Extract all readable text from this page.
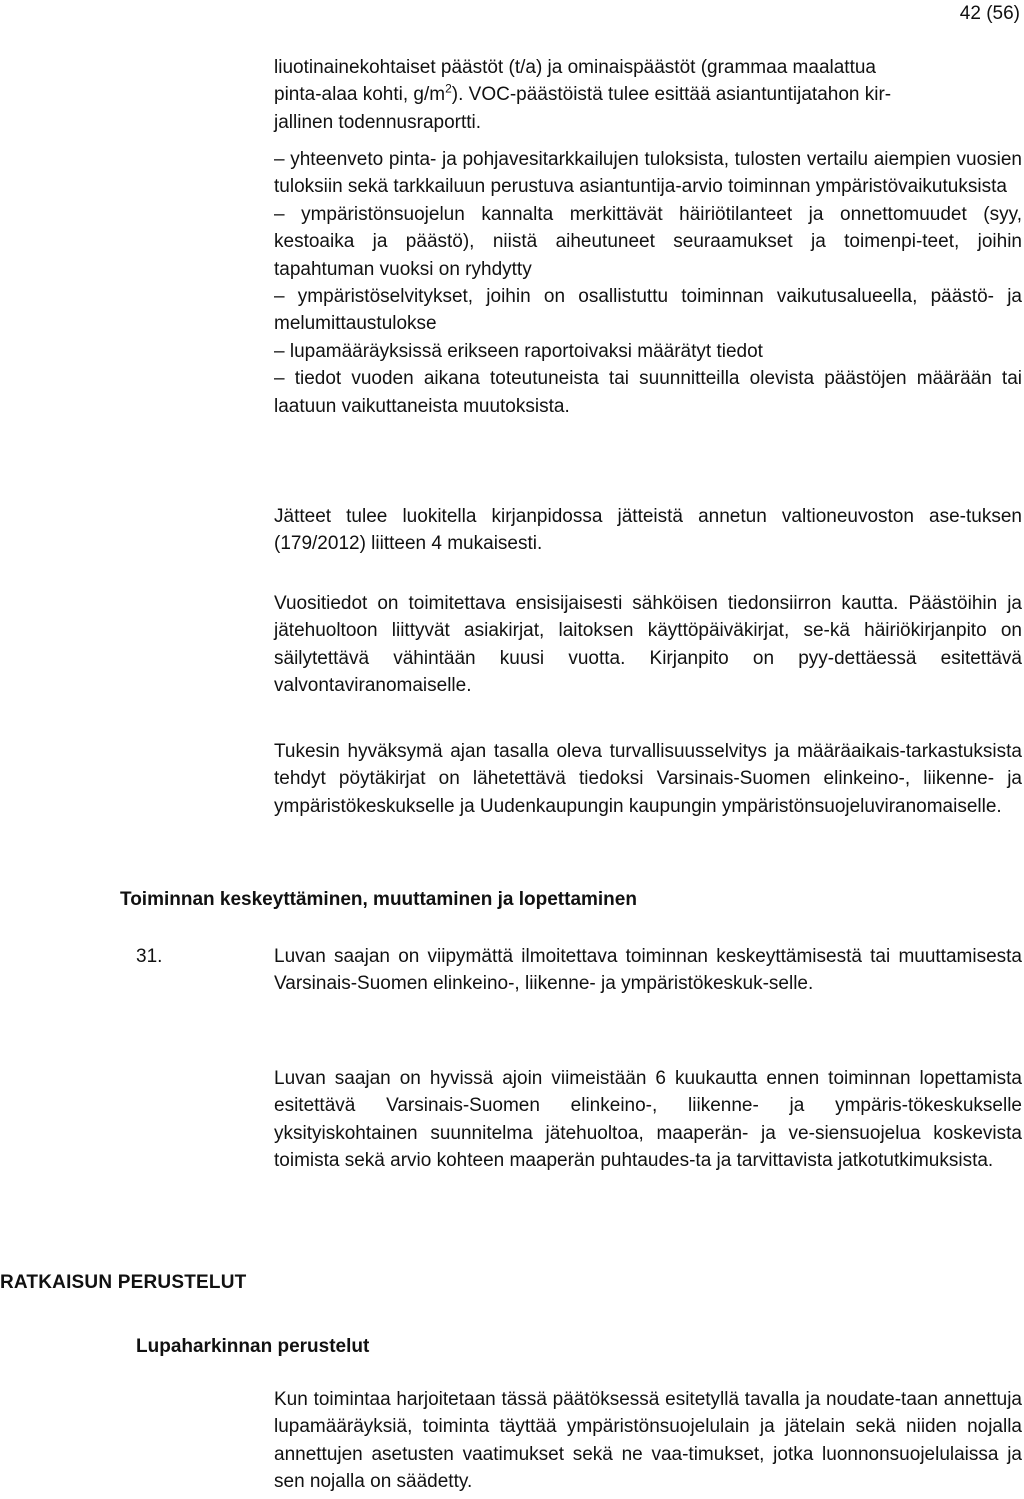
42 (56)

liuotinainekohtaiset päästöt (t/a) ja ominaispäästöt (grammaa maalattua

pinta-alaa kohti, $g/m^2$). VOC-päästöistä tulee esittää asiantuntijatahon kir-

jallinen todennusraportti.

– yhteenveto pinta- ja pohjavesitarkkailujen tuloksista, tulosten vertailu aiempien vuosien tuloksiin sekä tarkkailuun perustuva asiantuntija-arvio toiminnan ympäristövaikutuksista

– ympäristönsuojelun kannalta merkittävät häiriötilanteet ja onnettomuudet (syy, kestoaika ja päästö), niistä aiheutuneet seuraamukset ja toimenpi-teet, joihin tapahtuman vuoksi on ryhdytty

– ympäristöselvitykset, joihin on osallistuttu toiminnan vaikutusalueella, päästö- ja melumittaustulokse

– lupamääräyksissä erikseen raportoivaksi määrätyt tiedot

– tiedot vuoden aikana toteutuneista tai suunnitteilla olevista päästöjen määrään tai laatuun vaikuttaneista muutoksista.

Jätteet tulee luokitella kirjanpidossa jätteistä annetun valtioneuvoston ase-tuksen (179/2012) liitteen 4 mukaisesti.

Vuositiedot on toimitettava ensisijaisesti sähköisen tiedonsiirron kautta. Päästöihin ja jätehuoltoon liittyvät asiakirjat, laitoksen käyttöpäiväkirjat, se-kä häiriökirjanpito on säilytettävä vähintään kuusi vuotta. Kirjanpito on pyy-dettäessä esitettävä valvontaviranomaiselle.

Tukesin hyväksymä ajan tasalla oleva turvallisuusselvitys ja määräaikais-tarkastuksista tehdyt pöytäkirjat on lähetettävä tiedoksi Varsinais-Suomen elinkeino-, liikenne- ja ympäristökeskukselle ja Uudenkaupungin kaupungin ympäristönsuojeluviranomaiselle.

Toiminnan keskeyttäminen, muuttaminen ja lopettaminen
31.	Luvan saajan on viipymättä ilmoitettava toiminnan keskeyttämisestä tai muuttamisesta Varsinais-Suomen elinkeino-, liikenne- ja ympäristökeskuk-selle.

Luvan saajan on hyvissä ajoin viimeistään 6 kuukautta ennen toiminnan lopettamista esitettävä Varsinais-Suomen elinkeino-, liikenne- ja ympäris-tökeskukselle yksityiskohtainen suunnitelma jätehuoltoa, maaperän- ja ve-siensuojelua koskevista toimista sekä arvio kohteen maaperän puhtaudes-ta ja tarvittavista jatkotutkimuksista.

RATKAISUN PERUSTELUT
Lupaharkinnan perustelut

Kun toimintaa harjoitetaan tässä päätöksessä esitetyllä tavalla ja noudate-taan annettuja lupamääräyksiä, toiminta täyttää ympäristönsuojelulain ja jätelain sekä niiden nojalla annettujen asetusten vaatimukset sekä ne vaa-timukset, jotka luonnonsuojelulaissa ja sen nojalla on säädetty.
